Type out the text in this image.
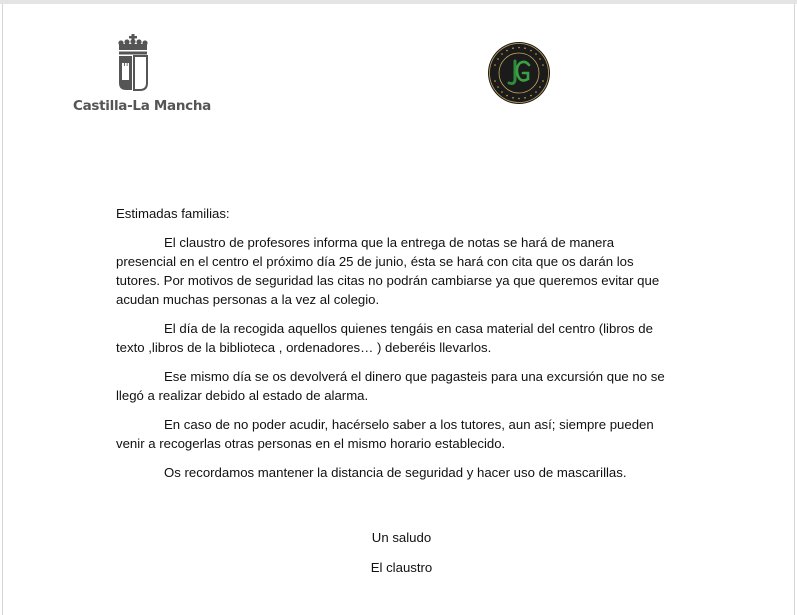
Castilla-La Mancha

Estimadas familias:

El claustro de profesores informa que la entrega de notas se hará de manera presencial en el centro el próximo día 25 de junio, ésta se hará con cita que os darán los tutores. Por motivos de seguridad las citas no podrán cambiarse ya que queremos evitar que acudan muchas personas a la vez al colegio.

El día de la recogida aquellos quienes tengáis en casa material del centro (libros de texto ,libros de la biblioteca , ordenadores… ) deberéis llevarlos.

Ese mismo día se os devolverá el dinero que pagasteis para una excursión que no se llegó a realizar debido al estado de alarma.

En caso de no poder acudir, hacérselo saber a los tutores, aun así; siempre pueden venir a recogerlas otras personas en el mismo horario establecido.

Os recordamos mantener la distancia de seguridad y hacer uso de mascarillas.

Un saludo
El claustro
